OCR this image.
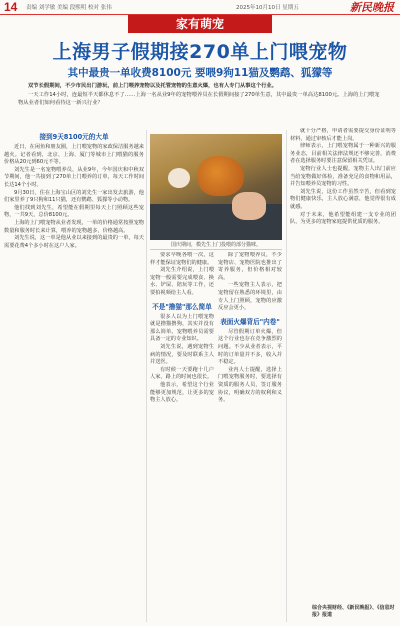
14 责编 刘学敏 美编 段熙明 校对 张伟	2025年10月10日 星期五	新民晚报
家有萌宠
上海男子假期接270单上门喂宠物
其中最贵一单收费8100元 要喂9狗11猫及鹦鹉、狐獴等

双节长假期间，不少市民出门游玩，前上门喂养宠物以及托管宠物的生意火爆，也有人专门从事这个行业。

一天工作14小时，连最短半天都休息不了……上海一名从业9年的宠物喂养员在长假期间接了270单生意，其中最贵一单高达8100元。上海的上门喂宠物从业者们如何看待这一新兴行业？

接到9天8100元的大单

近日，在闲鱼和朋友圈，上门喂宠物的家政保洁服务越来越火。记者看到，北京、上海、厦门等城市上门喂猫的服务价格从20元到60元不等。

刘先生是一名宠物喂养员，从业9年，今年国庆和中秋双节期间，他一共接到了270单上门喂养的订单，每天工作时间长达14个小时。

9月30日，住在上海宝山区的刘先生一家出发去旅游，他们家里养了9只狗和11只猫，还有鹦鹉、狐獴等小动物。

他们找到刘先生，希望能在假期里每天上门照顾这些宠物，一共9天，总价8100元。

上海的上门喂宠物从业者发现，一单的价格通常按照宠物数量和服务时长来计算，喂养的宠物越多，价格越高。

刘先生说，这一单是他从业以来接到的最贵的一单，每天需要花费4个多小时在这户人家。	国庆期间，模先生上门投喂的部分猫咪。

要求早晚各喂一次，这样才能保证宠物们的健康。

刘先生介绍说，上门喂宠物一般需要完成喂食、换水、铲屎、陪玩等工作，还要拍视频给主人看。

不是"撸猫"那么简单

很多人以为上门喂宠物就是撸猫撸狗，其实并没有那么简单。宠物喂养员需要具备一定的专业知识。

刘先生说，遇到宠物生病的情况，要及时联系主人并送医。

有时候一天要跑十几户人家，路上的时间也很长。

他表示，希望这个行业能够更加规范，让更多的宠物主人放心。

除了宠物喂养员，不少宠物店、宠物医院也推出了寄养服务，但价格相对较高。

一些宠物主人表示，把宠物留在熟悉的环境里，由专人上门照顾，宠物的应激反应会更小。

表面火爆背后"内卷"

尽管假期订单火爆，但这个行业也存在竞争激烈的问题。不少从业者表示，平时的订单量并不多，收入并不稳定。

业内人士提醒，选择上门喂宠物服务时，要选择有资质的服务人员，签订服务协议，明确双方的权利和义务。

就十分严格，申请者需要提交身份证明等材料，通过审核后才能上岗。

律师表示，上门喂宠物属于一种新兴的服务业态，目前相关法律法规还不够完善，消费者在选择服务时要注意保留相关凭证。

宠物行业人士也提醒，宠物主人出门前应当给宠物做好体检，准备充足的食物和用品，并告知喂养员宠物的习性。

刘先生说，这份工作虽然辛苦，但看到宠物们健康快乐，主人放心满意，他觉得很有成就感。

对于未来，他希望能组建一支专业的团队，为更多的宠物家庭提供优质的服务。

综合央视财经、《新民晚报》、《信息时报》报道
